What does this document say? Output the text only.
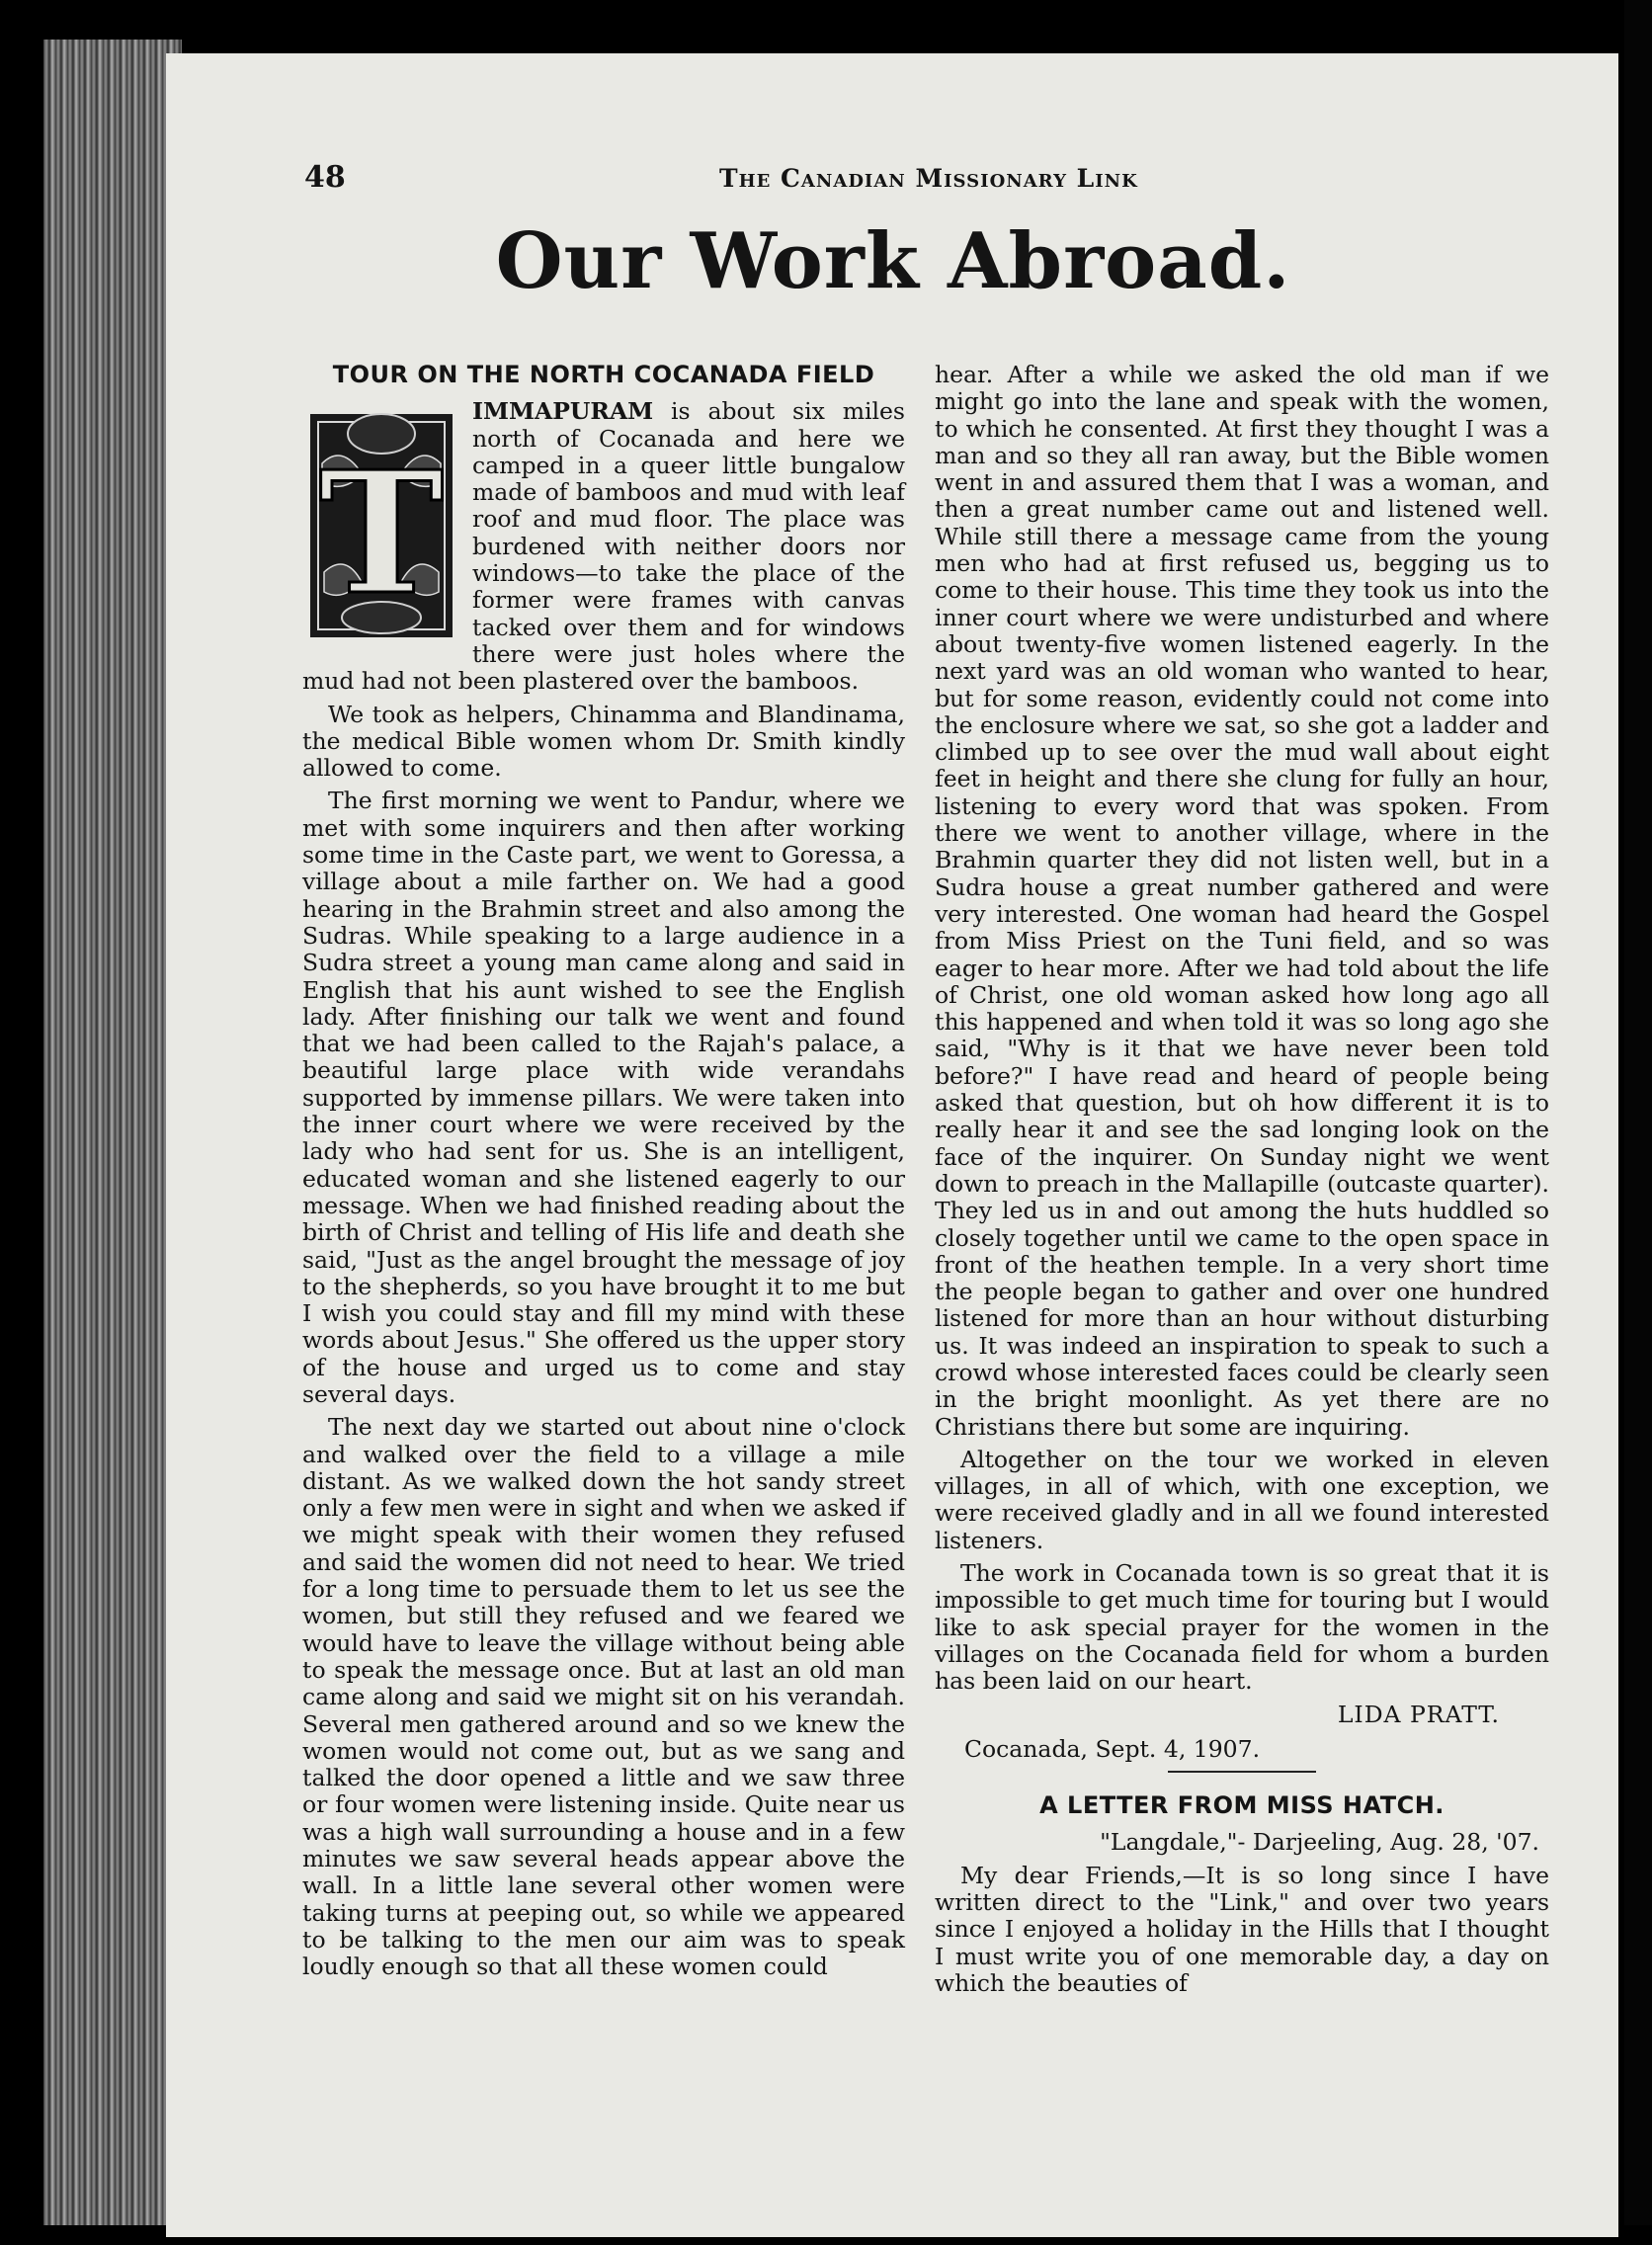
48	The Canadian Missionary Link
Our Work Abroad.
TOUR ON THE NORTH COCANADA FIELD
T

IMMAPURAM is about six miles north of Cocanada and here we camped in a queer little bungalow made of bamboos and mud with leaf roof and mud floor. The place was burdened with neither doors nor windows—to take the place of the former were frames with canvas tacked over them and for windows there were just holes where the mud had not been plastered over the bamboos.

We took as helpers, Chinamma and Blandinama, the medical Bible women whom Dr. Smith kindly allowed to come.

The first morning we went to Pandur, where we met with some inquirers and then after working some time in the Caste part, we went to Goressa, a village about a mile farther on. We had a good hearing in the Brahmin street and also among the Sudras. While speaking to a large audience in a Sudra street a young man came along and said in English that his aunt wished to see the English lady. After finishing our talk we went and found that we had been called to the Rajah's palace, a beautiful large place with wide verandahs supported by immense pillars. We were taken into the inner court where we were received by the lady who had sent for us. She is an intelligent, educated woman and she listened eagerly to our message. When we had finished reading about the birth of Christ and telling of His life and death she said, "Just as the angel brought the message of joy to the shepherds, so you have brought it to me but I wish you could stay and fill my mind with these words about Jesus." She offered us the upper story of the house and urged us to come and stay several days.

The next day we started out about nine o'clock and walked over the field to a village a mile distant. As we walked down the hot sandy street only a few men were in sight and when we asked if we might speak with their women they refused and said the women did not need to hear. We tried for a long time to persuade them to let us see the women, but still they refused and we feared we would have to leave the village without being able to speak the message once. But at last an old man came along and said we might sit on his verandah. Several men gathered around and so we knew the women would not come out, but as we sang and talked the door opened a little and we saw three or four women were listening inside. Quite near us was a high wall surrounding a house and in a few minutes we saw several heads appear above the wall. In a little lane several other women were taking turns at peeping out, so while we appeared to be talking to the men our aim was to speak loudly enough so that all these women could

hear. After a while we asked the old man if we might go into the lane and speak with the women, to which he consented. At first they thought I was a man and so they all ran away, but the Bible women went in and assured them that I was a woman, and then a great number came out and listened well. While still there a message came from the young men who had at first refused us, begging us to come to their house. This time they took us into the inner court where we were undisturbed and where about twenty-five women listened eagerly. In the next yard was an old woman who wanted to hear, but for some reason, evidently could not come into the enclosure where we sat, so she got a ladder and climbed up to see over the mud wall about eight feet in height and there she clung for fully an hour, listening to every word that was spoken. From there we went to another village, where in the Brahmin quarter they did not listen well, but in a Sudra house a great number gathered and were very interested. One woman had heard the Gospel from Miss Priest on the Tuni field, and so was eager to hear more. After we had told about the life of Christ, one old woman asked how long ago all this happened and when told it was so long ago she said, "Why is it that we have never been told before?" I have read and heard of people being asked that question, but oh how different it is to really hear it and see the sad longing look on the face of the inquirer. On Sunday night we went down to preach in the Mallapille (outcaste quarter). They led us in and out among the huts huddled so closely together until we came to the open space in front of the heathen temple. In a very short time the people began to gather and over one hundred listened for more than an hour without disturbing us. It was indeed an inspiration to speak to such a crowd whose interested faces could be clearly seen in the bright moonlight. As yet there are no Christians there but some are inquiring.

Altogether on the tour we worked in eleven villages, in all of which, with one exception, we were received gladly and in all we found interested listeners.

The work in Cocanada town is so great that it is impossible to get much time for touring but I would like to ask special prayer for the women in the villages on the Cocanada field for whom a burden has been laid on our heart.

LIDA PRATT.
Cocanada, Sept. 4, 1907.
A LETTER FROM MISS HATCH.
"Langdale,"- Darjeeling, Aug. 28, '07.

My dear Friends,—It is so long since I have written direct to the "Link," and over two years since I enjoyed a holiday in the Hills that I thought I must write you of one memorable day, a day on which the beauties of
